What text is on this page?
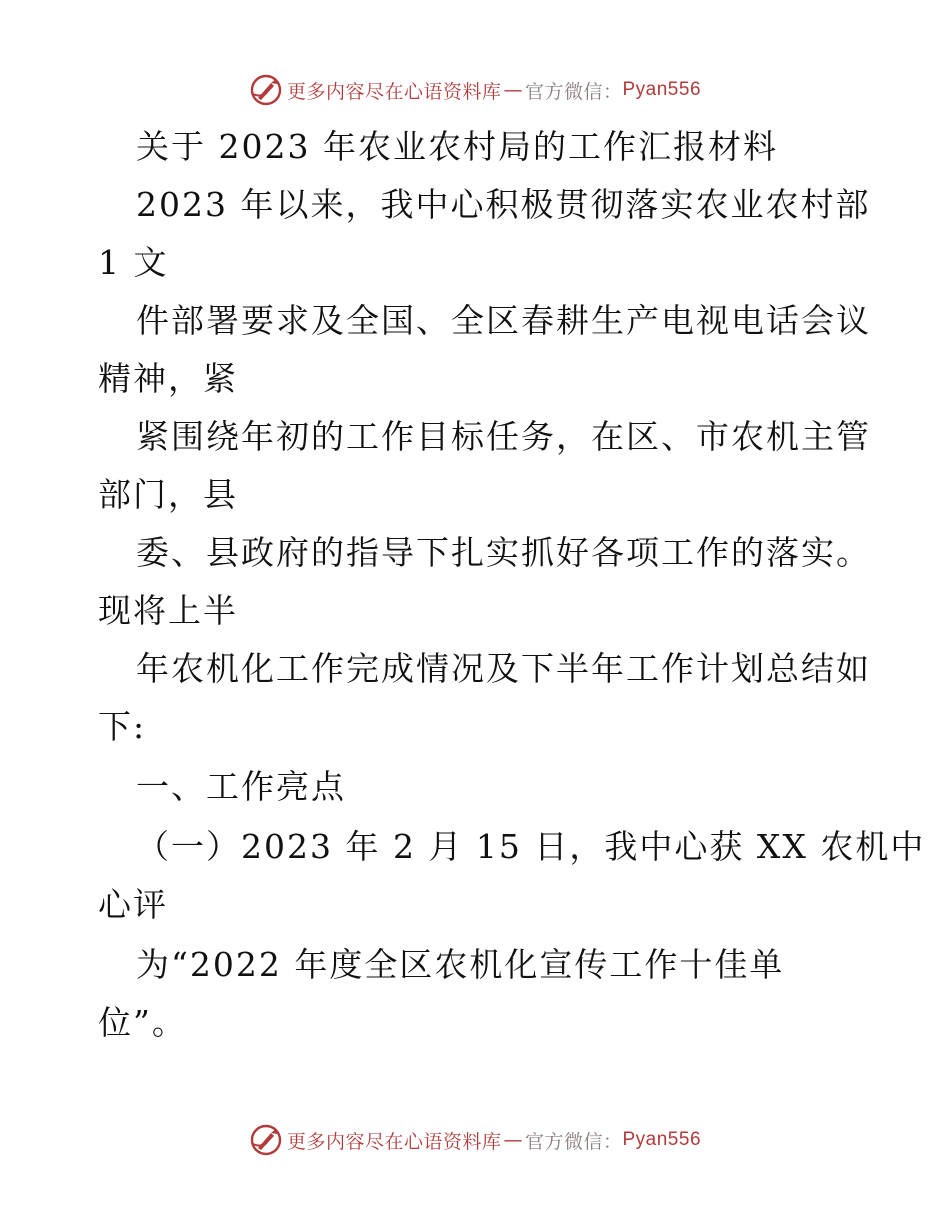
更多内容尽在心语资料库 — 官方微信： Pyan556
关于 2023 年农业农村局的工作汇报材料
2023 年以来，我中心积极贯彻落实农业农村部
1 文
件部署要求及全国、全区春耕生产电视电话会议
精神，紧
紧围绕年初的工作目标任务，在区、市农机主管
部门，县
委、县政府的指导下扎实抓好各项工作的落实。
现将上半
年农机化工作完成情况及下半年工作计划总结如
下:
一、工作亮点
（一）2023 年 2 月 15 日，我中心获 XX 农机中
心评
为“2022 年度全区农机化宣传工作十佳单
位”。
更多内容尽在心语资料库 — 官方微信： Pyan556
